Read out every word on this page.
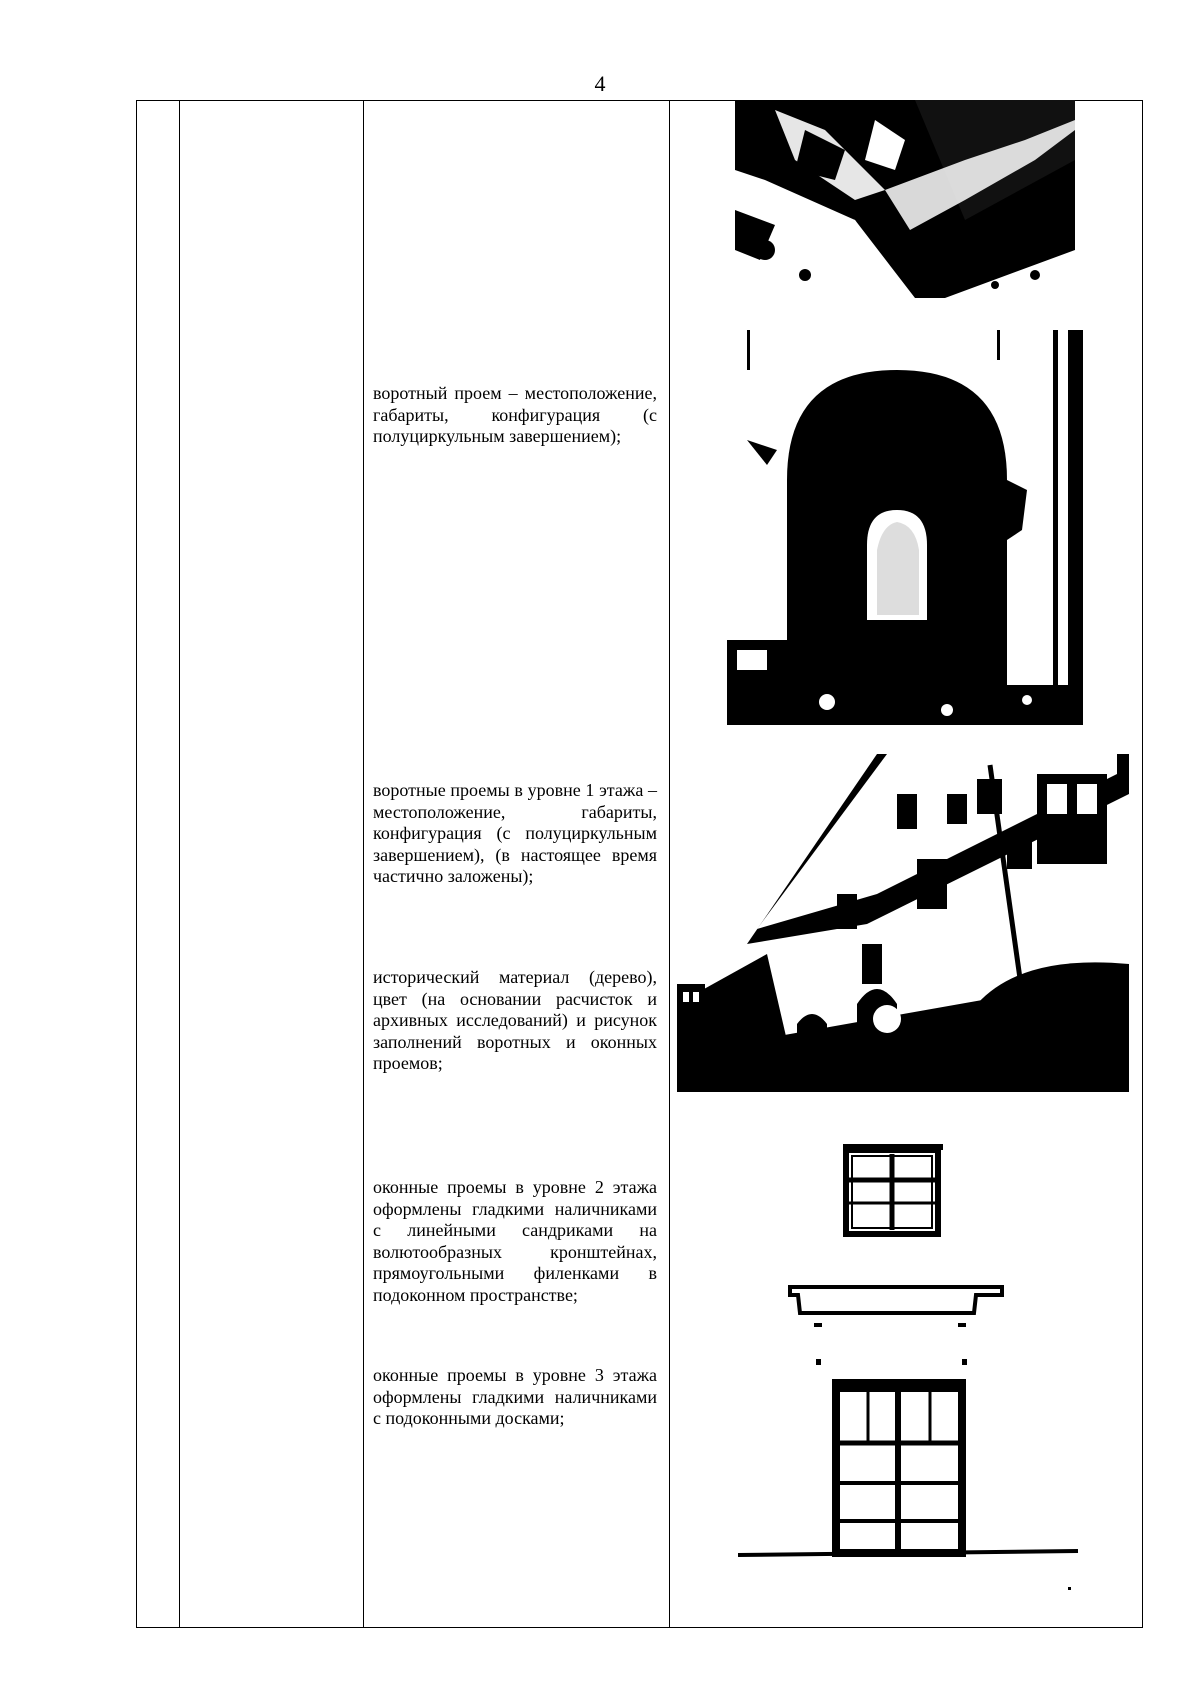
4

воротный проем – местоположение, габариты, конфигурация (с полуциркульным завершением);

воротные проемы в уровне 1 этажа – местоположение, габариты, конфигурация (с полуциркульным завершением), (в настоящее время частично заложены);

исторический материал (дерево), цвет (на основании расчисток и архивных исследований) и рисунок заполнений воротных и оконных проемов;

оконные проемы в уровне 2 этажа оформлены гладкими наличниками с линейными сандриками на волютообразных кронштейнах, прямоугольными филенками в подоконном пространстве;

оконные проемы в уровне 3 этажа оформлены гладкими наличниками с подоконными досками;
